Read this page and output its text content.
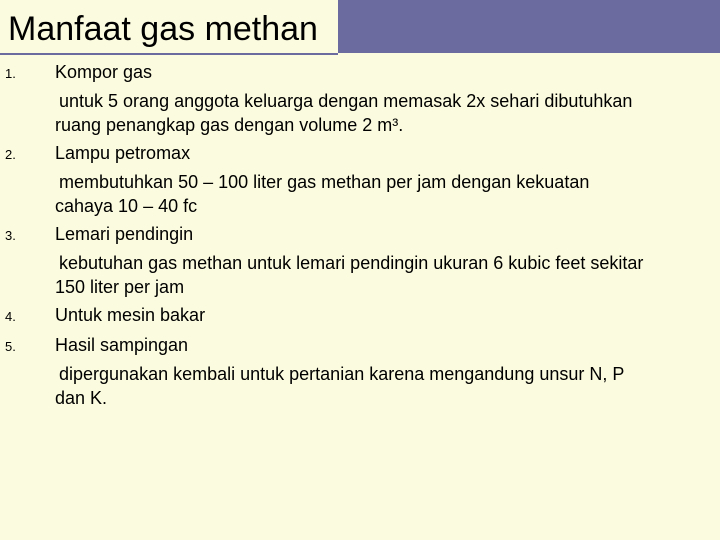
Manfaat gas methan
1. Kompor gas
untuk 5 orang anggota keluarga dengan memasak 2x sehari dibutuhkan
ruang penangkap gas dengan volume 2 m³.
2. Lampu petromax
membutuhkan 50 – 100 liter gas methan per jam dengan kekuatan
cahaya 10 – 40 fc
3. Lemari pendingin
kebutuhan gas methan untuk lemari pendingin ukuran 6 kubic feet sekitar
150 liter per jam
4. Untuk mesin bakar
5. Hasil sampingan
dipergunakan kembali untuk pertanian karena mengandung unsur N, P
dan K.
